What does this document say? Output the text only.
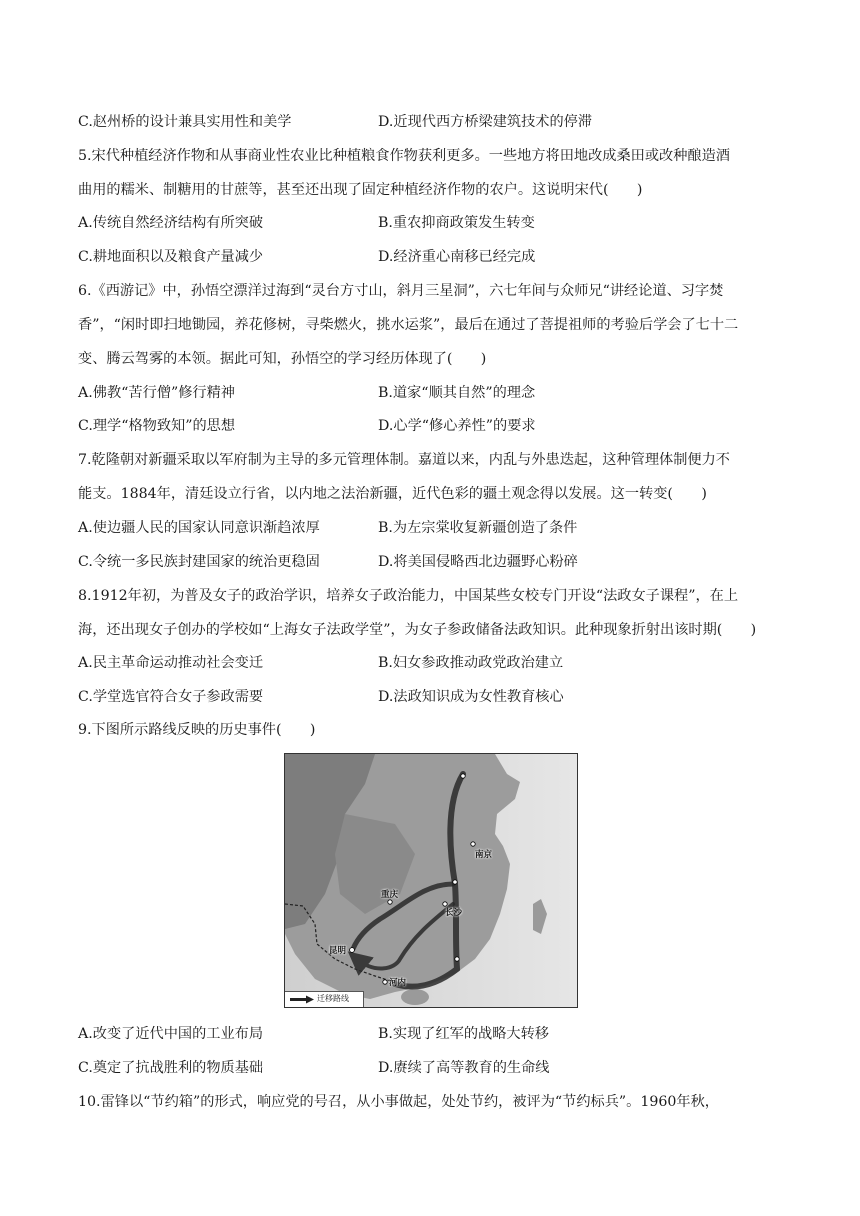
C.赵州桥的设计兼具实用性和美学	D.近现代西方桥梁建筑技术的停滞
5.宋代种植经济作物和从事商业性农业比种植粮食作物获利更多。一些地方将田地改成桑田或改种酿造酒
曲用的糯米、制糖用的甘蔗等，甚至还出现了固定种植经济作物的农户。这说明宋代(　　)
A.传统自然经济结构有所突破	B.重农抑商政策发生转变
C.耕地面积以及粮食产量减少	D.经济重心南移已经完成
6.《西游记》中，孙悟空漂洋过海到“灵台方寸山，斜月三星洞”，六七年间与众师兄“讲经论道、习字焚
香”，“闲时即扫地锄园，养花修树，寻柴燃火，挑水运浆”，最后在通过了菩提祖师的考验后学会了七十二
变、腾云驾雾的本领。据此可知，孙悟空的学习经历体现了(　　)
A.佛教“苦行僧”修行精神	B.道家“顺其自然”的理念
C.理学“格物致知”的思想	D.心学“修心养性”的要求
7.乾隆朝对新疆采取以军府制为主导的多元管理体制。嘉道以来，内乱与外患迭起，这种管理体制便力不
能支。1884年，清廷设立行省，以内地之法治新疆，近代色彩的疆土观念得以发展。这一转变(　　)
A.使边疆人民的国家认同意识渐趋浓厚	B.为左宗棠收复新疆创造了条件
C.令统一多民族封建国家的统治更稳固	D.将美国侵略西北边疆野心粉碎
8.1912年初，为普及女子的政治学识，培养女子政治能力，中国某些女校专门开设“法政女子课程”，在上
海，还出现女子创办的学校如“上海女子法政学堂”，为女子参政储备法政知识。此种现象折射出该时期(　　)
A.民主革命运动推动社会变迁	B.妇女参政推动政党政治建立
C.学堂选官符合女子参政需要	D.法政知识成为女性教育核心
9.下图所示路线反映的历史事件(　　)
南京
重庆
长沙
昆明
河内
迁移路线
A.改变了近代中国的工业布局	B.实现了红军的战略大转移
C.奠定了抗战胜利的物质基础	D.赓续了高等教育的生命线
10.雷锋以“节约箱”的形式，响应党的号召，从小事做起，处处节约，被评为“节约标兵”。1960年秋，
